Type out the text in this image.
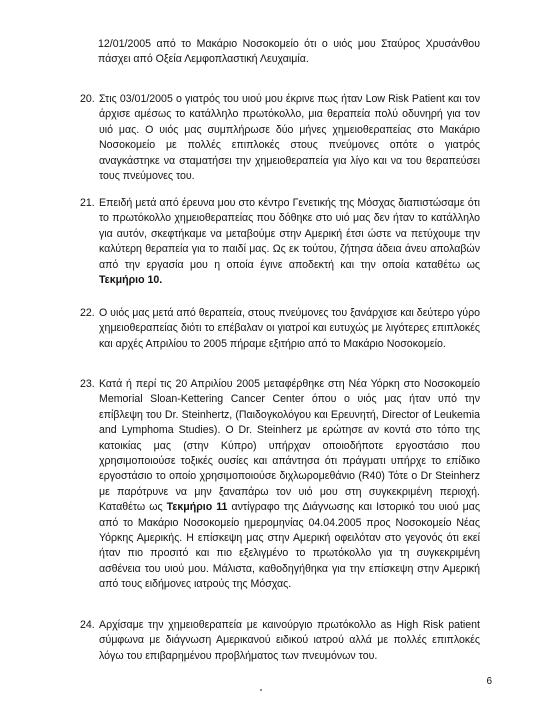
12/01/2005 από το Μακάριο Νοσοκομείο ότι ο υιός μου Σταύρος Χρυσάνθου πάσχει από Οξεία Λεμφοπλαστική Λευχαιμία.
20. Στις 03/01/2005 ο γιατρός του υιού μου έκρινε πως ήταν Low Risk Patient και τον άρχισε αμέσως το κατάλληλο πρωτόκολλο, μια θεραπεία πολύ οδυνηρή για τον υιό μας. Ο υιός μας συμπλήρωσε δύο μήνες χημειοθεραπείας στο Μακάριο Νοσοκομείο με πολλές επιπλοκές στους πνεύμονες οπότε ο γιατρός αναγκάστηκε να σταματήσει την χημειοθεραπεία για λίγο και να του θεραπεύσει τους πνεύμονες του.
21. Επειδή μετά από έρευνα μου στο κέντρο Γενετικής της Μόσχας διαπιστώσαμε ότι το πρωτόκολλο χημειοθεραπείας που δόθηκε στο υιό μας δεν ήταν το κατάλληλο για αυτόν, σκεφτήκαμε να μεταβούμε στην Αμερική έτσι ώστε να πετύχουμε την καλύτερη θεραπεία για το παιδί μας. Ως εκ τούτου, ζήτησα άδεια άνευ απολαβών από την εργασία μου η οποία έγινε αποδεκτή και την οποία καταθέτω ως Τεκμήριο 10.
22. Ο υιός μας μετά από θεραπεία, στους πνεύμονες του ξανάρχισε και δεύτερο γύρο χημειοθεραπείας διότι το επέβαλαν οι γιατροί και ευτυχώς με λιγότερες επιπλοκές και αρχές Απριλίου το 2005 πήραμε εξιτήριο από το Μακάριο Νοσοκομείο.
23. Κατά ή περί τις 20 Απριλίου 2005 μεταφέρθηκε στη Νέα Υόρκη στο Νοσοκομείο Memorial Sloan-Kettering Cancer Center όπου ο υιός μας ήταν υπό την επίβλεψη του Dr. Steinhertz, (Παιδογκολόγου και Ερευνητή, Director of Leukemia and Lymphoma Studies). Ο Dr. Steinherz με ερώτησε αν κοντά στο τόπο της κατοικίας μας (στην Κύπρο) υπήρχαν οποιοδήποτε εργοστάσιο που χρησιμοποιούσε τοξικές ουσίες και απάντησα ότι πράγματι υπήρχε το επίδικο εργοστάσιο το οποίο χρησιμοποιούσε διχλωρομεθάνιο (R40) Τότε ο Dr Steinherz με παρότρυνε να μην ξαναπάρω τον υιό μου στη συγκεκριμένη περιοχή. Καταθέτω ως Τεκμήριο 11 αντίγραφο της Διάγνωσης και Ιστορικό του υιού μας από το Μακάριο Νοσοκομείο ημερομηνίας 04.04.2005 προς Νοσοκομείο Νέας Υόρκης Αμερικής. Η επίσκεψη μας στην Αμερική οφειλόταν στο γεγονός ότι εκεί ήταν πιο προσιτό και πιο εξελιγμένο το πρωτόκολλο για τη συγκεκριμένη ασθένεια του υιού μου. Μάλιστα, καθοδηγήθηκα για την επίσκεψη στην Αμερική από τους ειδήμονες ιατρούς της Μόσχας.
24. Αρχίσαμε την χημειοθεραπεία με καινούργιο πρωτόκολλο as High Risk patient σύμφωνα με διάγνωση Αμερικανού ειδικού ιατρού αλλά με πολλές επιπλοκές λόγω του επιβαρημένου προβλήματος των πνευμόνων του.
6
